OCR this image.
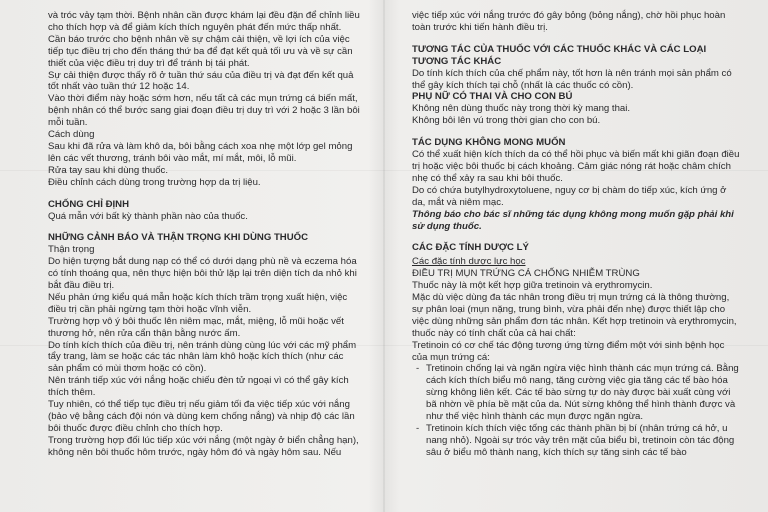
và tróc vảy tạm thời. Bệnh nhân cần được khám lại đều đặn để chỉnh liều cho thích hợp và để giảm kích thích nguyên phát đến mức thấp nhất.

Cần báo trước cho bệnh nhân về sự chậm cải thiện, về lợi ích của việc tiếp tục điều trị cho đến tháng thứ ba để đạt kết quả tối ưu và về sự cần thiết của việc điều trị duy trì để tránh bị tái phát.

Sự cải thiện được thấy rõ ở tuần thứ sáu của điều trị và đạt đến kết quả tốt nhất vào tuần thứ 12 hoặc 14.

Vào thời điểm này hoặc sớm hơn, nếu tất cả các mụn trứng cá biến mất, bệnh nhân có thể bước sang giai đoạn điều trị duy trì với 2 hoặc 3 lần bôi mỗi tuần.

Cách dùng

Sau khi đã rửa và làm khô da, bôi bằng cách xoa nhẹ một lớp gel mỏng lên các vết thương, tránh bôi vào mắt, mí mắt, môi, lỗ mũi.

Rửa tay sau khi dùng thuốc.

Điều chỉnh cách dùng trong trường hợp da trị liệu.

CHỐNG CHỈ ĐỊNH

Quá mẫn với bất kỳ thành phần nào của thuốc.

NHỮNG CẢNH BÁO VÀ THẬN TRỌNG KHI DÙNG THUỐC

Thận trọng

Do hiện tượng bắt dung nạp có thể có dưới dạng phù nề và eczema hóa có tính thoáng qua, nên thực hiện bôi thử lặp lại trên diện tích da nhỏ khi bắt đầu điều trị.

Nếu phản ứng kiểu quá mẫn hoặc kích thích trầm trọng xuất hiện, việc điều trị cần phải ngừng tạm thời hoặc vĩnh viễn.

Trường hợp vô ý bôi thuốc lên niêm mạc, mắt, miệng, lỗ mũi hoặc vết thương hở, nên rửa cẩn thận bằng nước ấm.

Do tính kích thích của điều trị, nên tránh dùng cùng lúc với các mỹ phẩm tẩy trang, làm se hoặc các tác nhân làm khô hoặc kích thích (như các sản phẩm có mùi thơm hoặc có cồn).

Nên tránh tiếp xúc với nắng hoặc chiếu đèn tử ngoại vì có thể gây kích thích thêm.

Tuy nhiên, có thể tiếp tục điều trị nếu giảm tối đa việc tiếp xúc với nắng (bảo vệ bằng cách đội nón và dùng kem chống nắng) và nhịp độ các lần bôi thuốc được điều chỉnh cho thích hợp.

Trong trường hợp đối lúc tiếp xúc với nắng (một ngày ở biển chẳng hạn), không nên bôi thuốc hôm trước, ngày hôm đó và ngày hôm sau. Nếu

việc tiếp xúc với nắng trước đó gây bỏng (bỏng nắng), chờ hồi phục hoàn toàn trước khi tiến hành điều trị.

TƯƠNG TÁC CỦA THUỐC VỚI CÁC THUỐC KHÁC VÀ CÁC LOẠI TƯƠNG TÁC KHÁC

Do tính kích thích của chế phẩm này, tốt hơn là nên tránh mọi sản phẩm có thể gây kích thích tại chỗ (nhất là các thuốc có cồn).

PHỤ NỮ CÓ THAI VÀ CHO CON BÚ

Không nên dùng thuốc này trong thời kỳ mang thai.

Không bôi lên vú trong thời gian cho con bú.

TÁC DỤNG KHÔNG MONG MUỐN

Có thể xuất hiện kích thích da có thể hồi phục và biến mất khi giãn đoạn điều trị hoặc việc bôi thuốc bị cách khoảng. Cảm giác nóng rát hoặc châm chích nhẹ có thể xảy ra sau khi bôi thuốc.

Do có chứa butylhydroxytoluene, nguy cơ bị chàm do tiếp xúc, kích ứng ở da, mắt và niêm mạc.

Thông báo cho bác sĩ những tác dụng không mong muốn gặp phải khi sử dụng thuốc.

CÁC ĐẶC TÍNH DƯỢC LÝ

Các đặc tính dược lực học

ĐIỀU TRỊ MỤN TRỨNG CÁ CHỐNG NHIỄM TRÙNG

Thuốc này là một kết hợp giữa tretinoin và erythromycin.

Mặc dù việc dùng đa tác nhân trong điều trị mụn trứng cá là thông thường, sự phân loại (mụn nặng, trung bình, vừa phải đến nhẹ) được thiết lập cho việc dùng những sản phẩm đơn tác nhân. Kết hợp tretinoin và erythromycin, thuốc này có tính chất của cả hai chất:

Tretinoin có cơ chế tác động tương ứng từng điểm một với sinh bệnh học của mụn trứng cá:

- Tretinoin chống lại và ngăn ngừa việc hình thành các mụn trứng cá. Bằng cách kích thích biểu mô nang, tăng cường việc gia tăng các tế bào hóa sừng không liên kết. Các tế bào sừng tự do này được bài xuất cùng với bã nhờn về phía bề mặt của da. Nút sừng không thể hình thành được và như thế việc hình thành các mụn được ngăn ngừa.
- Tretinoin kích thích việc tống các thành phần bị bí (nhân trứng cá hở, u nang nhỏ). Ngoài sự tróc vảy trên mặt của biểu bì, tretinoin còn tác động sâu ở biểu mô thành nang, kích thích sự tăng sinh các tế bào
